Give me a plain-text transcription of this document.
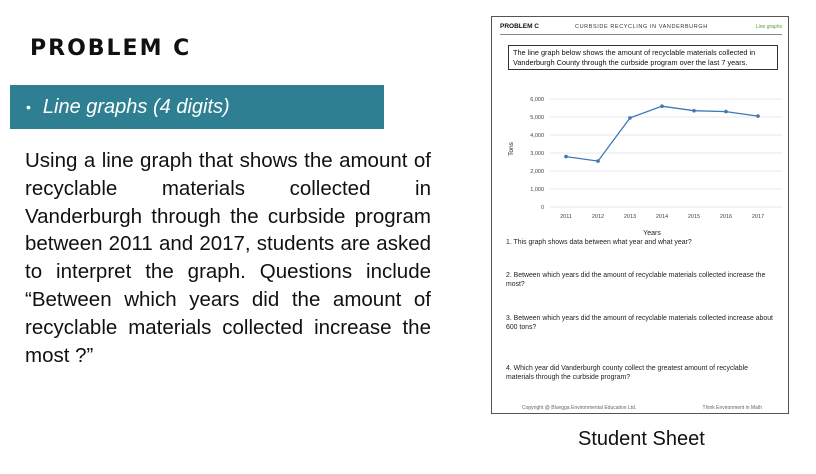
PROBLEM C
• Line graphs (4 digits)
Using a line graph that shows the amount of recyclable materials collected in Vanderburgh through the curbside program between 2011 and 2017, students are asked to interpret the graph. Questions include “Between which years did the amount of recyclable materials collected increase the most ?”
PROBLEM C	CURBSIDE RECYCLING IN VANDERBURGH	Line graphs
The line graph below shows the amount of recyclable materials collected in Vanderburgh County through the curbside program over the last 7 years.
0
1,000
2,000
3,000
4,000
5,000
6,000
2011	2012	2013	2014	2015	2016	2017
Years
Tons
1. This graph shows data between what year and what year?
2. Between which years did the amount of recyclable materials collected increase the most?
3. Between which years did the amount of recyclable materials collected increase about 600 tons?
4. Which year did Vanderburgh county collect the greatest amount of recyclable materials through the curbside program?
Copyright @ Bluegga Environmental Education Ltd.	Think Environment in Math
Student Sheet
